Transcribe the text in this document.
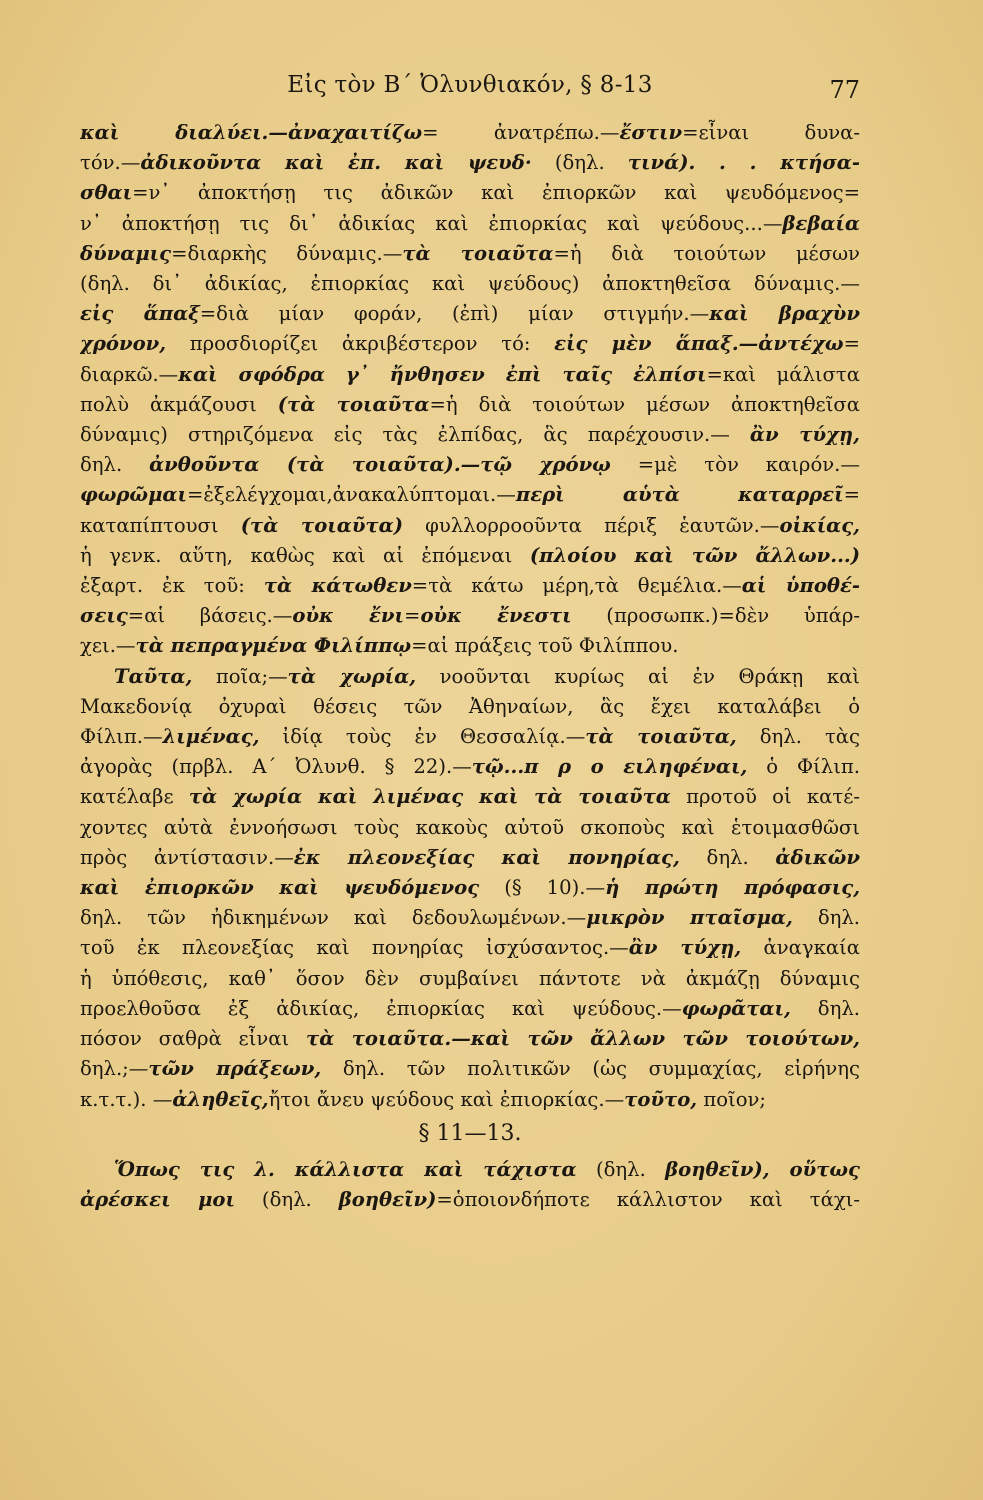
Εἰς τὸν Β΄ Ὀλυνθιακόν, § 8-13	77
καὶ διαλύει.—ἀναχαιτίζω= ἀνατρέπω.—ἔστιν=εἶναι δυνα-
τόν.—ἀδικοῦντα καὶ ἐπ. καὶ ψευδ· (δηλ. τινά). . . κτήσα-
σθαι=ν᾿ ἀποκτήσῃ τις ἀδικῶν καὶ ἐπιορκῶν καὶ ψευδόμενος=
ν᾿ ἀποκτήσῃ τις δι᾿ ἀδικίας καὶ ἐπιορκίας καὶ ψεύδους...—βεβαία
δύναμις=διαρκὴς δύναμις.—τὰ τοιαῦτα=ἡ διὰ τοιούτων μέσων
(δηλ. δι᾿ ἀδικίας, ἐπιορκίας καὶ ψεύδους) ἀποκτηθεῖσα δύναμις.—
εἰς ἅπαξ=διὰ μίαν φοράν, (ἐπὶ) μίαν στιγμήν.—καὶ βραχὺν
χρόνον, προσδιορίζει ἀκριβέστερον τό: εἰς μὲν ἅπαξ.—ἀντέχω=
διαρκῶ.—καὶ σφόδρα γ᾿ ἤνθησεν ἐπὶ ταῖς ἐλπίσι=καὶ μάλιστα
πολὺ ἀκμάζουσι (τὰ τοιαῦτα=ἡ διὰ τοιούτων μέσων ἀποκτηθεῖσα
δύναμις) στηριζόμενα εἰς τὰς ἐλπίδας, ἃς παρέχουσιν.— ἂν τύχῃ,
δηλ. ἀνθοῦντα (τὰ τοιαῦτα).—τῷ χρόνῳ =μὲ τὸν καιρόν.—
φωρῶμαι=ἐξελέγχομαι,ἀνακαλύπτομαι.—περὶ αὑτὰ καταρρεῖ=
καταπίπτουσι (τὰ τοιαῦτα) φυλλορροοῦντα πέριξ ἑαυτῶν.—οἰκίας,
ἡ γενκ. αὕτη, καθὼς καὶ αἱ ἑπόμεναι (πλοίου καὶ τῶν ἄλλων...)
ἐξαρτ. ἐκ τοῦ: τὰ κάτωθεν=τὰ κάτω μέρη,τὰ θεμέλια.—αἱ ὑποθέ-
σεις=αἱ βάσεις.—οὐκ ἔνι=οὐκ ἔνεστι (προσωπκ.)=δὲν ὑπάρ-
χει.—τὰ πεπραγμένα Φιλίππῳ=αἱ πράξεις τοῦ Φιλίππου.
Ταῦτα, ποῖα;—τὰ χωρία, νοοῦνται κυρίως αἱ ἐν Θράκῃ καὶ
Μακεδονίᾳ ὀχυραὶ θέσεις τῶν Ἀθηναίων, ἃς ἔχει καταλάβει ὁ
Φίλιπ.—λιμένας, ἰδίᾳ τοὺς ἐν Θεσσαλίᾳ.—τὰ τοιαῦτα, δηλ. τὰς
ἀγορὰς (πρβλ. Α΄ Ὀλυνθ. § 22).—τῷ...π ρ ο ειληφέναι, ὁ Φίλιπ.
κατέλαβε τὰ χωρία καὶ λιμένας καὶ τὰ τοιαῦτα προτοῦ οἱ κατέ-
χοντες αὐτὰ ἐννοήσωσι τοὺς κακοὺς αὐτοῦ σκοποὺς καὶ ἑτοιμασθῶσι
πρὸς ἀντίστασιν.—ἐκ πλεονεξίας καὶ πονηρίας, δηλ. ἀδικῶν
καὶ ἐπιορκῶν καὶ ψευδόμενος (§ 10).—ἡ πρώτη πρόφασις,
δηλ. τῶν ἠδικημένων καὶ δεδουλωμένων.—μικρὸν πταῖσμα, δηλ.
τοῦ ἐκ πλεονεξίας καὶ πονηρίας ἰσχύσαντος.—ἂν τύχῃ, ἀναγκαία
ἡ ὑπόθεσις, καθ᾿ ὅσον δὲν συμβαίνει πάντοτε νὰ ἀκμάζῃ δύναμις
προελθοῦσα ἐξ ἀδικίας, ἐπιορκίας καὶ ψεύδους.—φωρᾶται, δηλ.
πόσον σαθρὰ εἶναι τὰ τοιαῦτα.—καὶ τῶν ἄλλων τῶν τοιούτων,
δηλ.;—τῶν πράξεων, δηλ. τῶν πολιτικῶν (ὡς συμμαχίας, εἰρήνης
κ.τ.τ.). —ἀληθεῖς,ἤτοι ἄνευ ψεύδους καὶ ἐπιορκίας.—τοῦτο, ποῖον;
§ 11—13.
Ὅπως τις λ. κάλλιστα καὶ τάχιστα (δηλ. βοηθεῖν), οὕτως
ἀρέσκει μοι (δηλ. βοηθεῖν)=ὁποιονδήποτε κάλλιστον καὶ τάχι-
